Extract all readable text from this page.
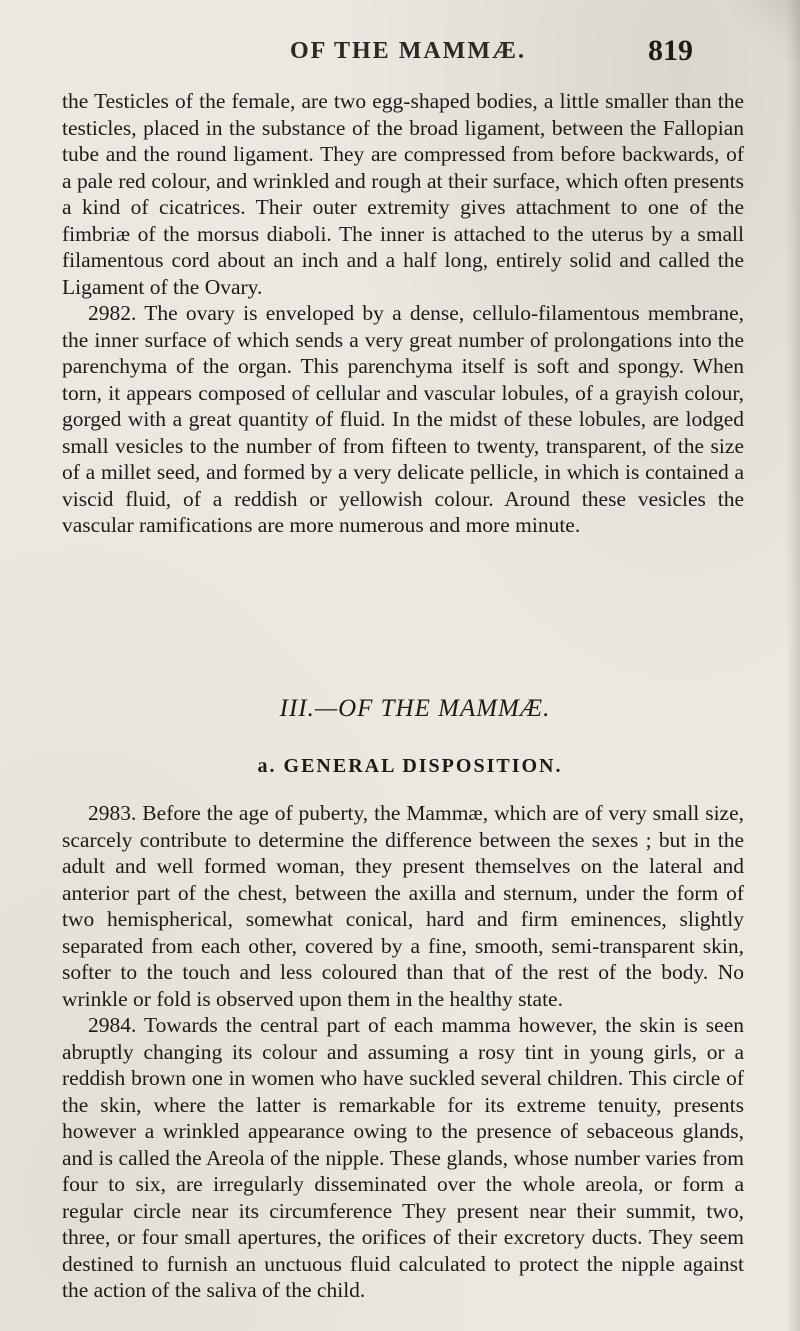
OF THE MAMMÆ.	819

the Testicles of the female, are two egg-shaped bodies, a little smaller than the testicles, placed in the substance of the broad ligament, between the Fallopian tube and the round ligament. They are compressed from before backwards, of a pale red colour, and wrinkled and rough at their surface, which often presents a kind of cicatrices. Their outer extremity gives attachment to one of the fimbriæ of the morsus diaboli. The inner is attached to the uterus by a small filamentous cord about an inch and a half long, entirely solid and called the Ligament of the Ovary.

2982. The ovary is enveloped by a dense, cellulo-filamentous membrane, the inner surface of which sends a very great number of prolongations into the parenchyma of the organ. This parenchyma itself is soft and spongy. When torn, it appears composed of cellular and vascular lobules, of a grayish colour, gorged with a great quantity of fluid. In the midst of these lobules, are lodged small vesicles to the number of from fifteen to twenty, transparent, of the size of a millet seed, and formed by a very delicate pellicle, in which is contained a viscid fluid, of a reddish or yellowish colour. Around these vesicles the vascular ramifications are more numerous and more minute.

III.—OF THE MAMMÆ.
a. GENERAL DISPOSITION.

2983. Before the age of puberty, the Mammæ, which are of very small size, scarcely contribute to determine the difference between the sexes ; but in the adult and well formed woman, they present themselves on the lateral and anterior part of the chest, between the axilla and sternum, under the form of two hemispherical, somewhat conical, hard and firm eminences, slightly separated from each other, covered by a fine, smooth, semi-transparent skin, softer to the touch and less coloured than that of the rest of the body. No wrinkle or fold is observed upon them in the healthy state.

2984. Towards the central part of each mamma however, the skin is seen abruptly changing its colour and assuming a rosy tint in young girls, or a reddish brown one in women who have suckled several children. This circle of the skin, where the latter is remarkable for its extreme tenuity, presents however a wrinkled appearance owing to the presence of sebaceous glands, and is called the Areola of the nipple. These glands, whose number varies from four to six, are irregularly disseminated over the whole areola, or form a regular circle near its circumference They present near their summit, two, three, or four small apertures, the orifices of their excretory ducts. They seem destined to furnish an unctuous fluid calculated to protect the nipple against the action of the saliva of the child.
